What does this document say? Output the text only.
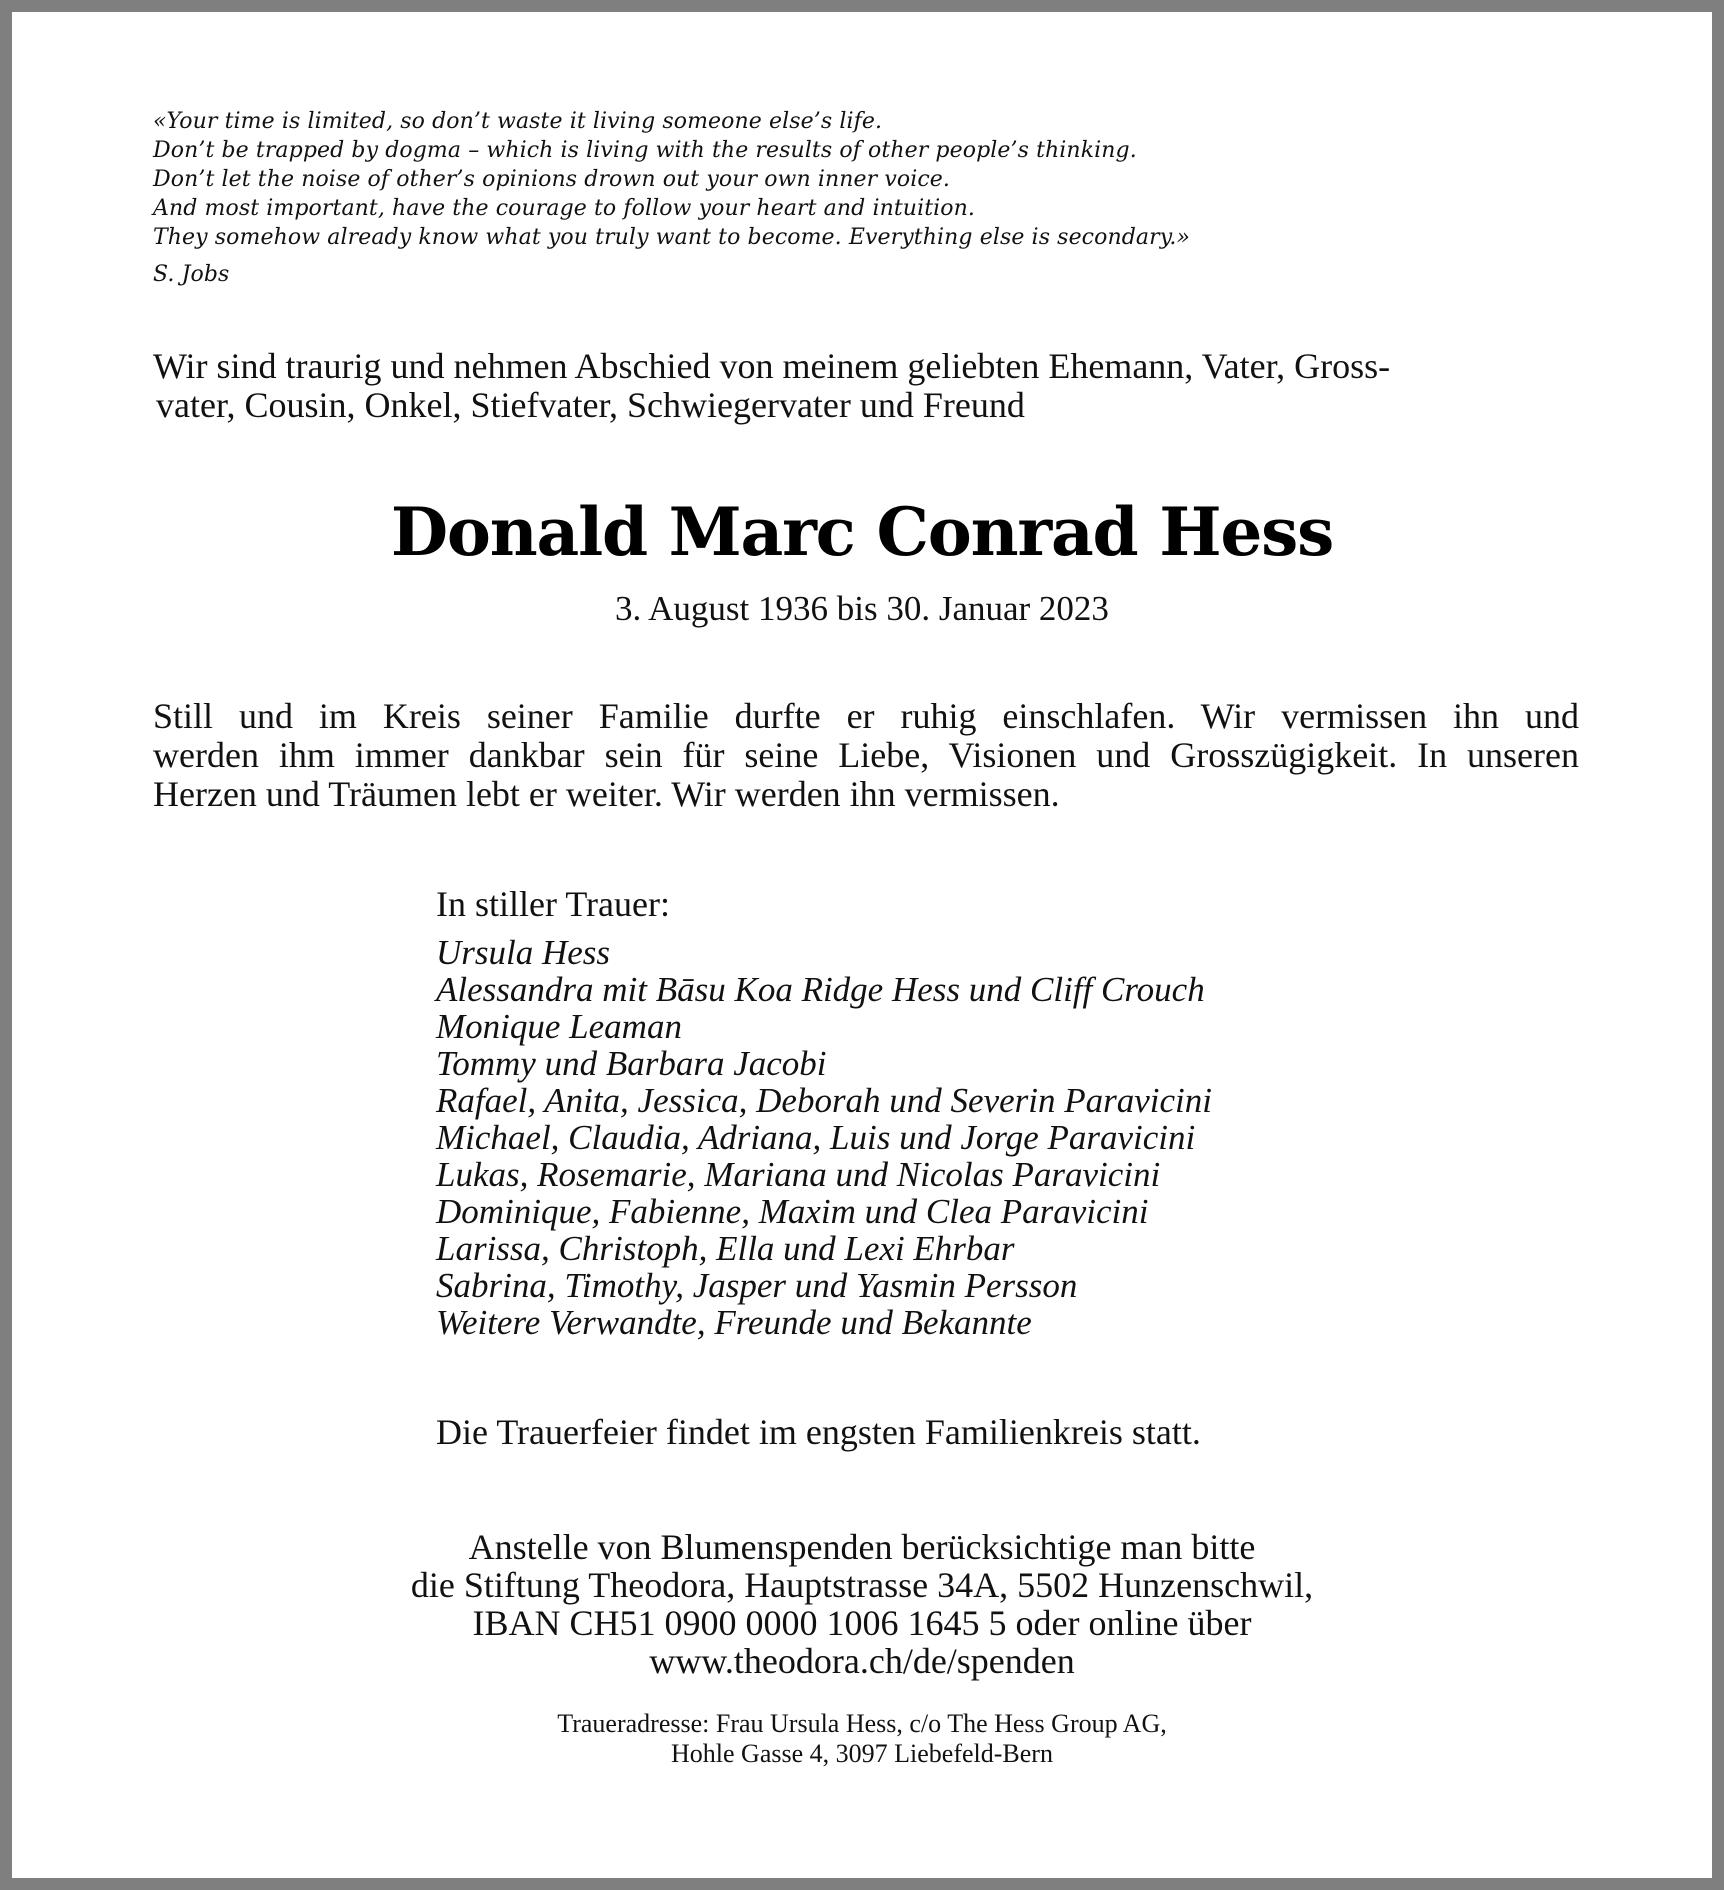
«Your time is limited, so don’t waste it living someone else’s life.
Don’t be trapped by dogma – which is living with the results of other people’s thinking.
Don’t let the noise of other’s opinions drown out your own inner voice.
And most important, have the courage to follow your heart and intuition.
They somehow already know what you truly want to become. Everything else is secondary.»
S. Jobs
Wir sind traurig und nehmen Abschied von meinem geliebten Ehemann, Vater, Gross-
vater, Cousin, Onkel, Stiefvater, Schwiegervater und Freund
Donald Marc Conrad Hess
3. August 1936 bis 30. Januar 2023
Still und im Kreis seiner Familie durfte er ruhig einschlafen. Wir vermissen ihn und
werden ihm immer dankbar sein für seine Liebe, Visionen und Grosszügigkeit. In unseren
Herzen und Träumen lebt er weiter. Wir werden ihn vermissen.
In stiller Trauer:
Ursula Hess
Alessandra mit Bāsu Koa Ridge Hess und Cliff Crouch
Monique Leaman
Tommy und Barbara Jacobi
Rafael, Anita, Jessica, Deborah und Severin Paravicini
Michael, Claudia, Adriana, Luis und Jorge Paravicini
Lukas, Rosemarie, Mariana und Nicolas Paravicini
Dominique, Fabienne, Maxim und Clea Paravicini
Larissa, Christoph, Ella und Lexi Ehrbar
Sabrina, Timothy, Jasper und Yasmin Persson
Weitere Verwandte, Freunde und Bekannte
Die Trauerfeier findet im engsten Familienkreis statt.
Anstelle von Blumenspenden berücksichtige man bitte
die Stiftung Theodora, Hauptstrasse 34A, 5502 Hunzenschwil,
IBAN CH51 0900 0000 1006 1645 5 oder online über
www.theodora.ch/de/spenden
Traueradresse: Frau Ursula Hess, c/o The Hess Group AG,
Hohle Gasse 4, 3097 Liebefeld-Bern
